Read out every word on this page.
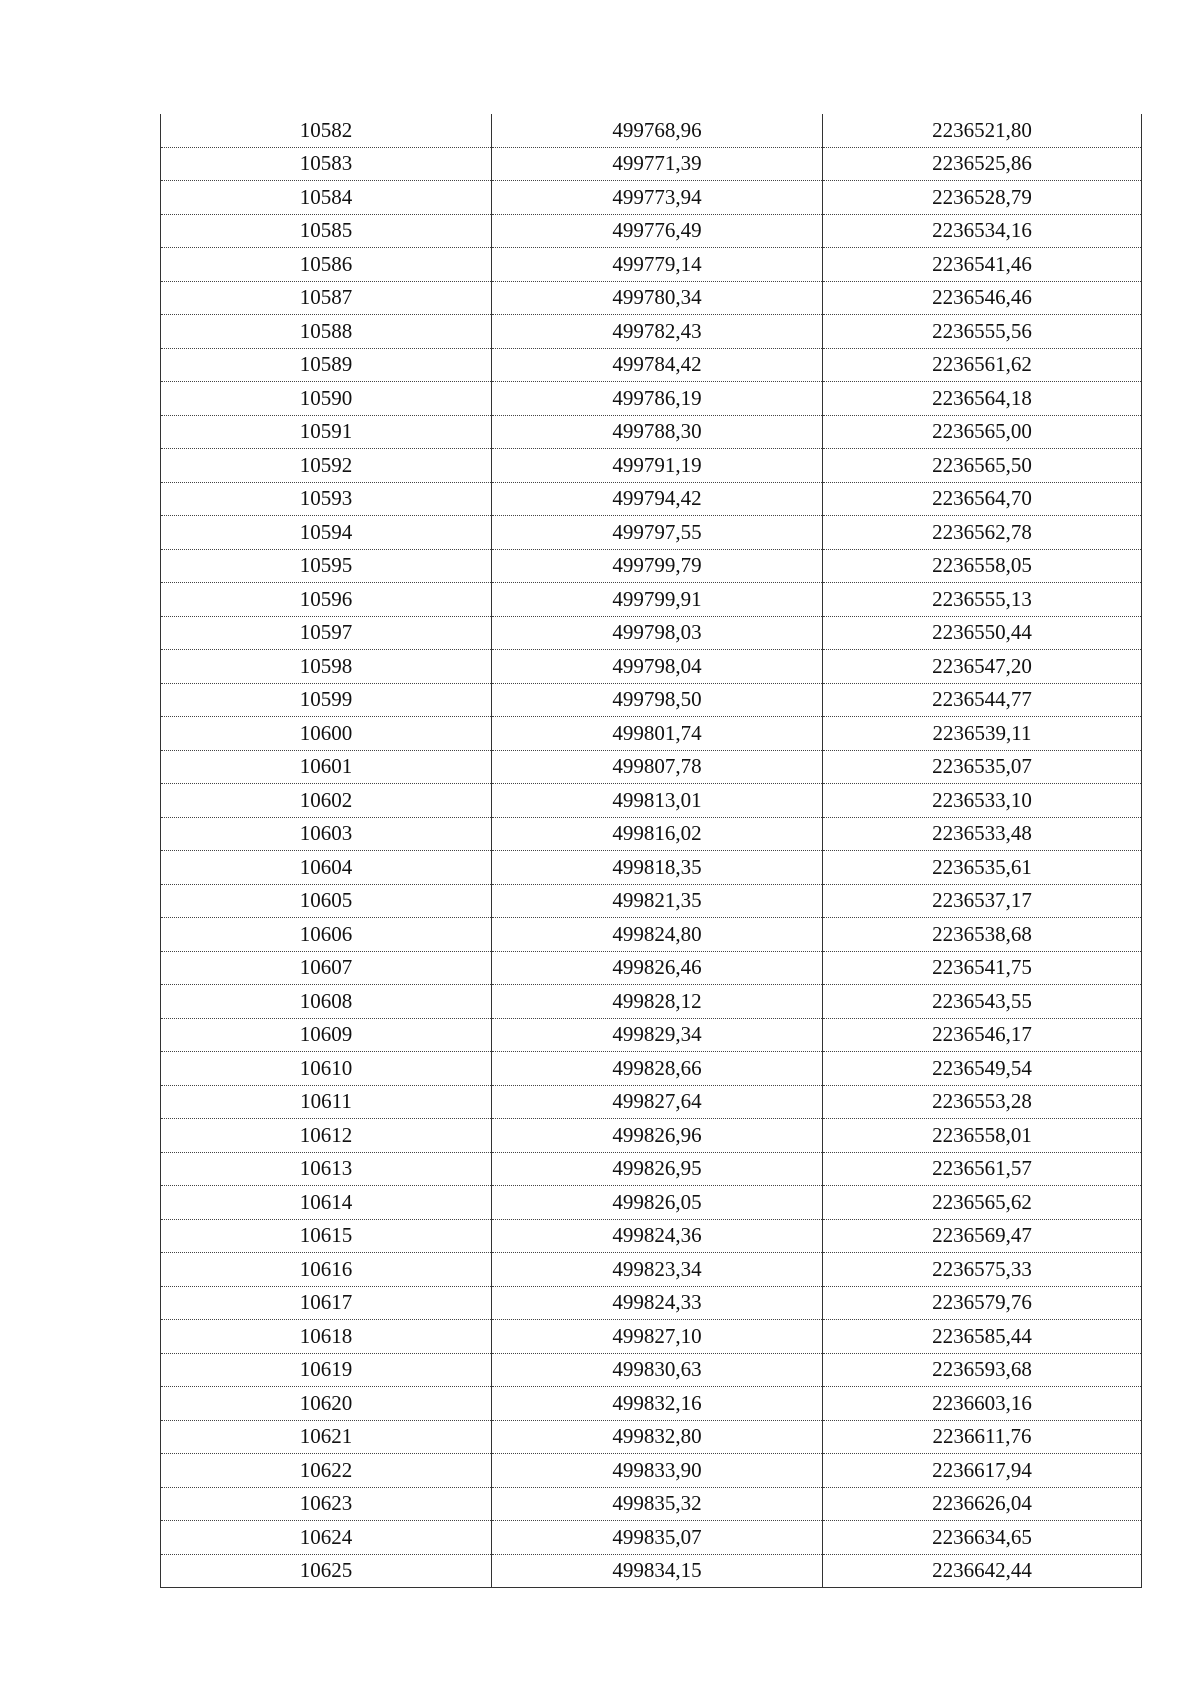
10582	499768,96	2236521,80
10583	499771,39	2236525,86
10584	499773,94	2236528,79
10585	499776,49	2236534,16
10586	499779,14	2236541,46
10587	499780,34	2236546,46
10588	499782,43	2236555,56
10589	499784,42	2236561,62
10590	499786,19	2236564,18
10591	499788,30	2236565,00
10592	499791,19	2236565,50
10593	499794,42	2236564,70
10594	499797,55	2236562,78
10595	499799,79	2236558,05
10596	499799,91	2236555,13
10597	499798,03	2236550,44
10598	499798,04	2236547,20
10599	499798,50	2236544,77
10600	499801,74	2236539,11
10601	499807,78	2236535,07
10602	499813,01	2236533,10
10603	499816,02	2236533,48
10604	499818,35	2236535,61
10605	499821,35	2236537,17
10606	499824,80	2236538,68
10607	499826,46	2236541,75
10608	499828,12	2236543,55
10609	499829,34	2236546,17
10610	499828,66	2236549,54
10611	499827,64	2236553,28
10612	499826,96	2236558,01
10613	499826,95	2236561,57
10614	499826,05	2236565,62
10615	499824,36	2236569,47
10616	499823,34	2236575,33
10617	499824,33	2236579,76
10618	499827,10	2236585,44
10619	499830,63	2236593,68
10620	499832,16	2236603,16
10621	499832,80	2236611,76
10622	499833,90	2236617,94
10623	499835,32	2236626,04
10624	499835,07	2236634,65
10625	499834,15	2236642,44
